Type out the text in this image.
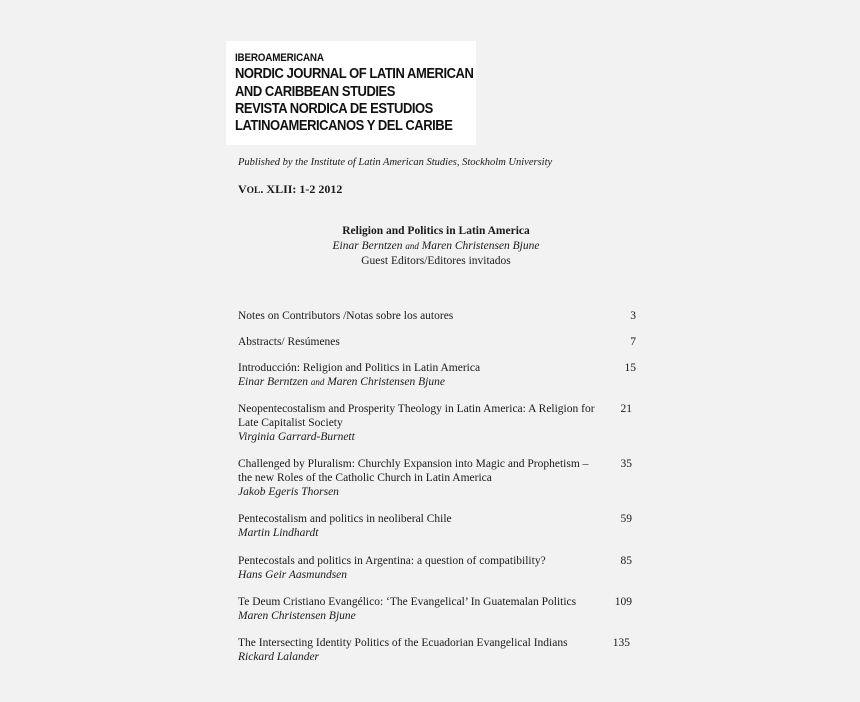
IBEROAMERICANA
NORDIC JOURNAL OF LATIN AMERICAN
AND CARIBBEAN STUDIES
REVISTA NORDICA DE ESTUDIOS
LATINOAMERICANOS Y DEL CARIBE
Published by the Institute of Latin American Studies, Stockholm University
VOL. XLII: 1-2 2012
Religion and Politics in Latin America
Einar Berntzen and Maren Christensen Bjune
Guest Editors/Editores invitados
Notes on Contributors /Notas sobre los autores	3
Abstracts/ Resúmenes	7
Introducción: Religion and Politics in Latin America
Einar Berntzen and Maren Christensen Bjune
15
Neopentecostalism and Prosperity Theology in Latin America: A Religion for Late Capitalist Society
Virginia Garrard-Burnett
21
Challenged by Pluralism: Churchly Expansion into Magic and Prophetism – the new Roles of the Catholic Church in Latin America
Jakob Egeris Thorsen
35
Pentecostalism and politics in neoliberal Chile
Martin Lindhardt
59
Pentecostals and politics in Argentina: a question of compatibility?
Hans Geir Aasmundsen
85
Te Deum Cristiano Evangélico: ‘The Evangelical’ In Guatemalan Politics
Maren Christensen Bjune
109
The Intersecting Identity Politics of the Ecuadorian Evangelical Indians
Rickard Lalander
135
